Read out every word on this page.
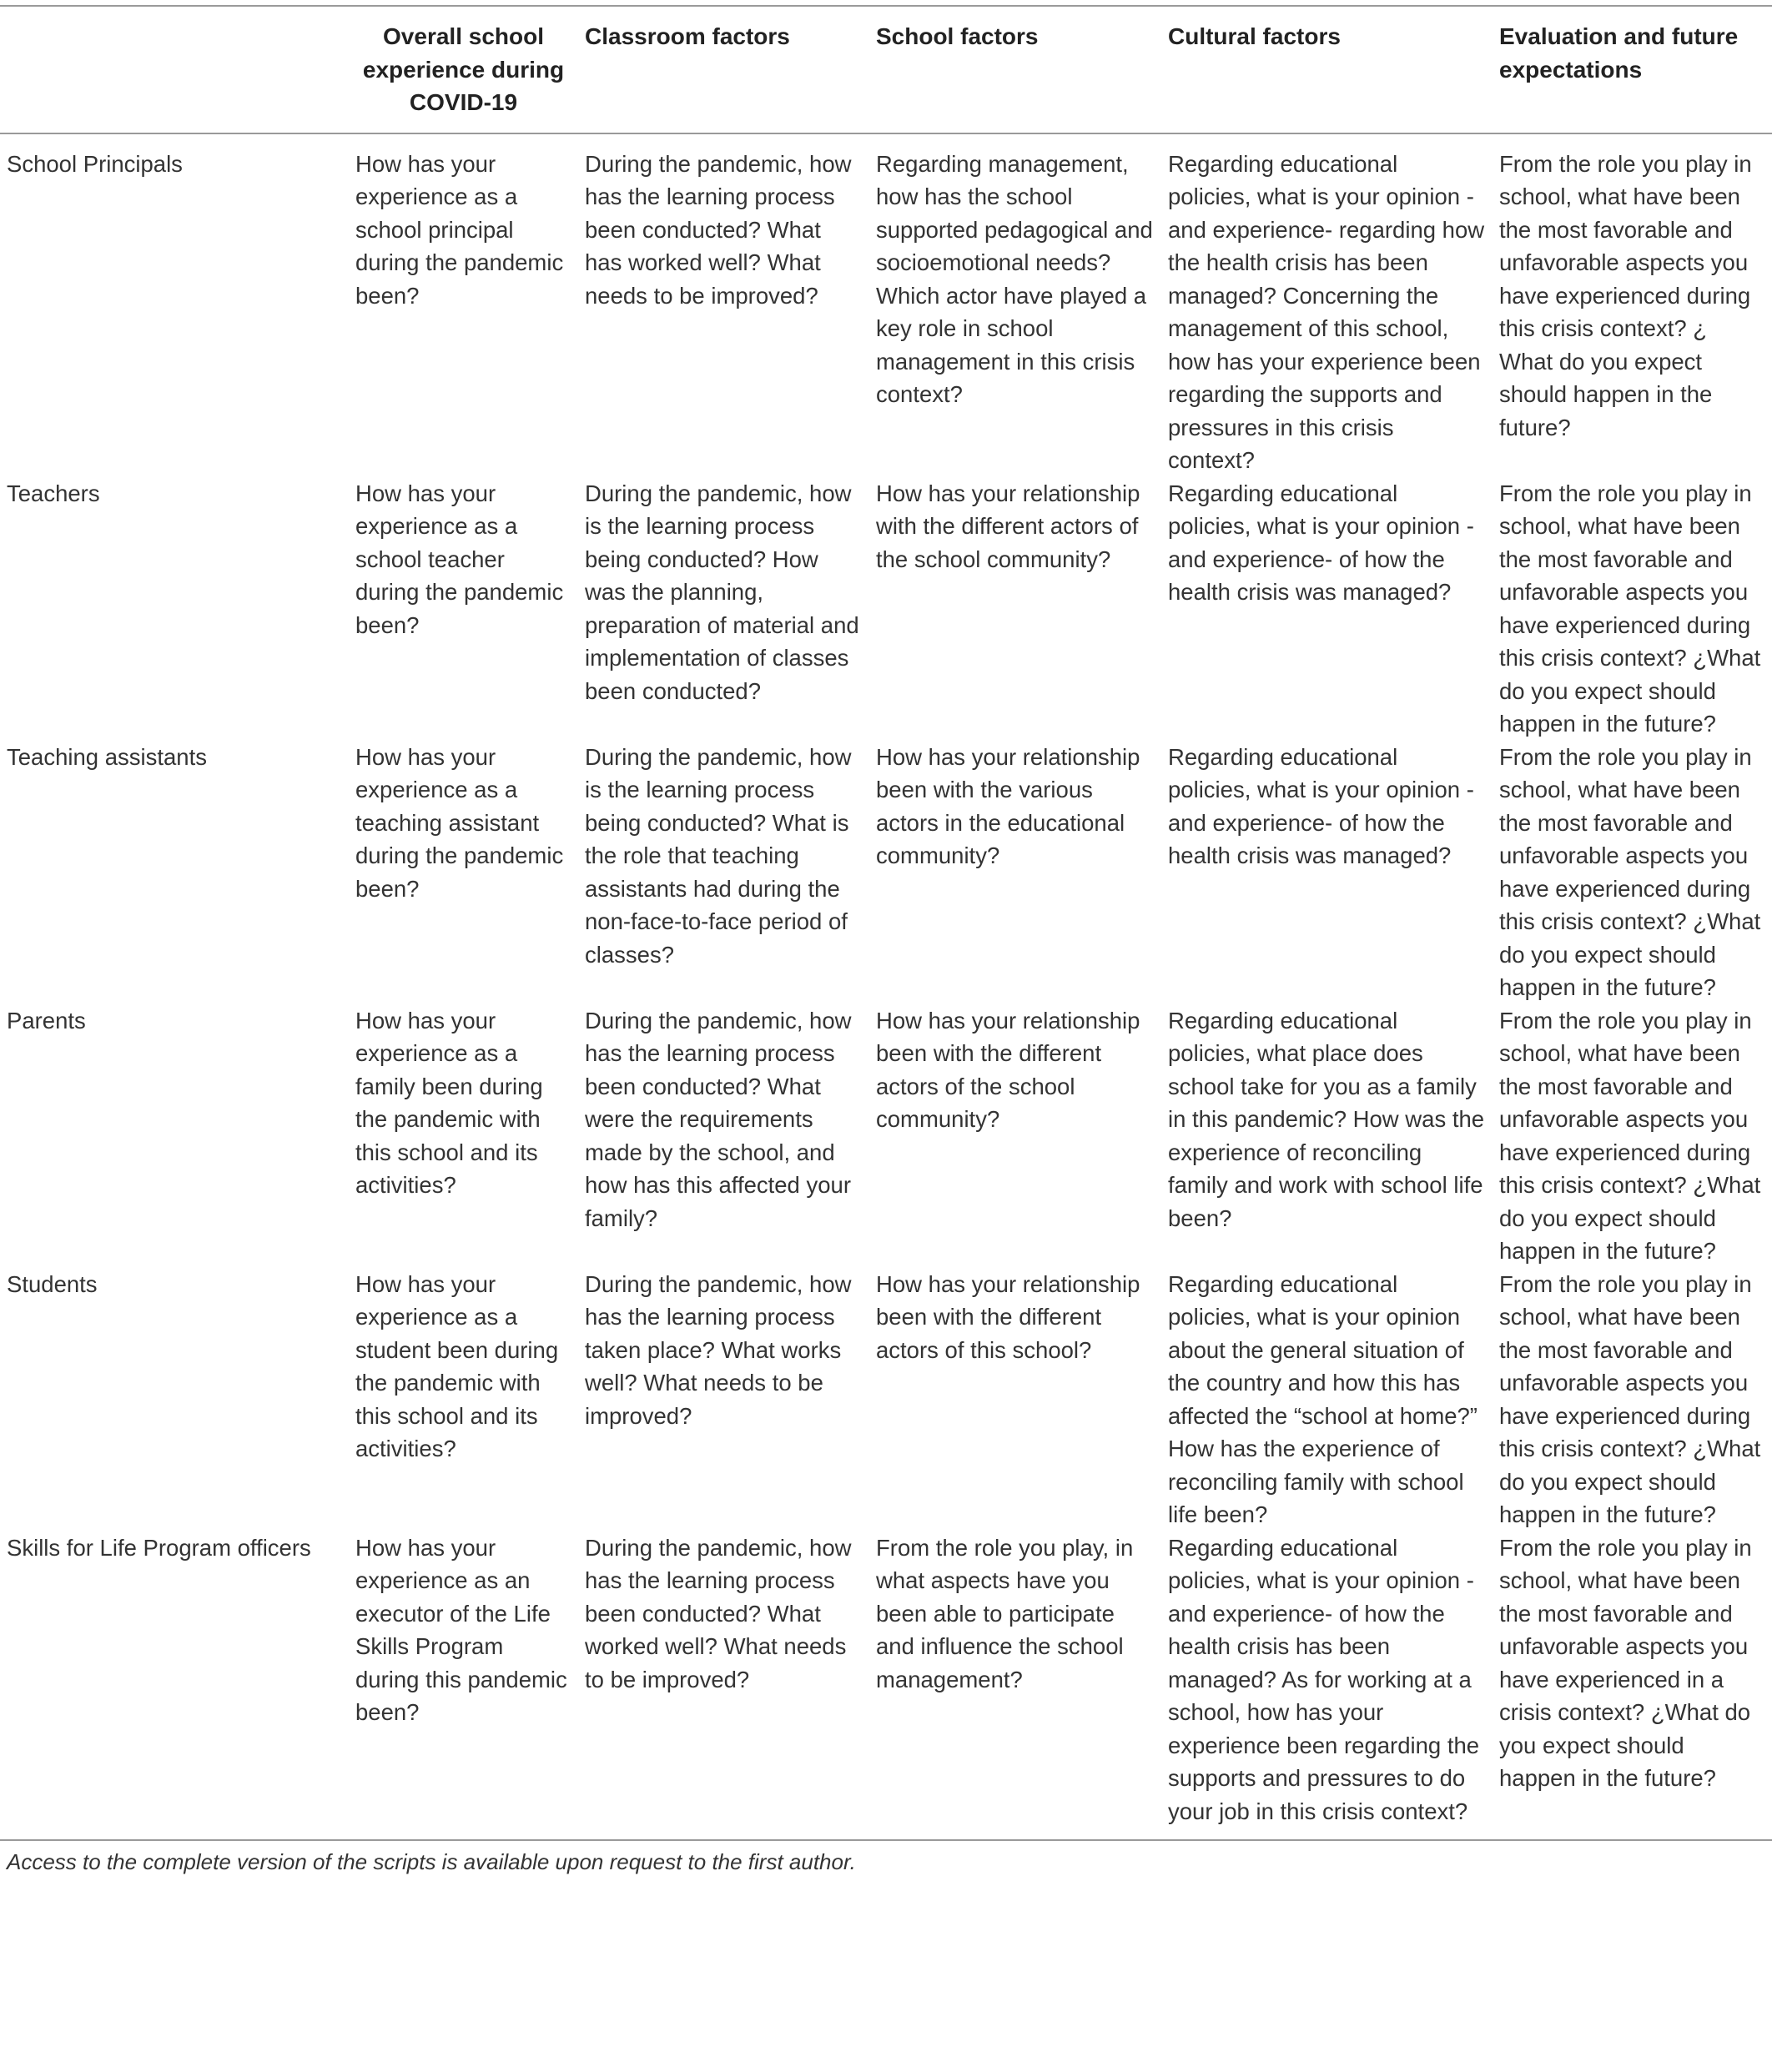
	Overall school experience during COVID-19	Classroom factors	School factors	Cultural factors	Evaluation and future expectations
School Principals	How has your experience as a school principal during the pandemic been?	During the pandemic, how has the learning process been conducted? What has worked well? What needs to be improved?	Regarding management, how has the school supported pedagogical and socioemotional needs? Which actor have played a key role in school management in this crisis context?	Regarding educational policies, what is your opinion -and experience- regarding how the health crisis has been managed? Concerning the management of this school, how has your experience been regarding the supports and pressures in this crisis context?	From the role you play in school, what have been the most favorable and unfavorable aspects you have experienced during this crisis context? ¿ What do you expect should happen in the future?
Teachers	How has your experience as a school teacher during the pandemic been?	During the pandemic, how is the learning process being conducted? How was the planning, preparation of material and implementation of classes been conducted?	How has your relationship with the different actors of the school community?	Regarding educational policies, what is your opinion -and experience- of how the health crisis was managed?	From the role you play in school, what have been the most favorable and unfavorable aspects you have experienced during this crisis context? ¿What do you expect should happen in the future?
Teaching assistants	How has your experience as a teaching assistant during the pandemic been?	During the pandemic, how is the learning process being conducted? What is the role that teaching assistants had during the non-face-to-face period of classes?	How has your relationship been with the various actors in the educational community?	Regarding educational policies, what is your opinion -and experience- of how the health crisis was managed?	From the role you play in school, what have been the most favorable and unfavorable aspects you have experienced during this crisis context? ¿What do you expect should happen in the future?
Parents	How has your experience as a family been during the pandemic with this school and its activities?	During the pandemic, how has the learning process been conducted? What were the requirements made by the school, and how has this affected your family?	How has your relationship been with the different actors of the school community?	Regarding educational policies, what place does school take for you as a family in this pandemic? How was the experience of reconciling family and work with school life been?	From the role you play in school, what have been the most favorable and unfavorable aspects you have experienced during this crisis context? ¿What do you expect should happen in the future?
Students	How has your experience as a student been during the pandemic with this school and its activities?	During the pandemic, how has the learning process taken place? What works well? What needs to be improved?	How has your relationship been with the different actors of this school?	Regarding educational policies, what is your opinion about the general situation of the country and how this has affected the “school at home?” How has the experience of reconciling family with school life been?	From the role you play in school, what have been the most favorable and unfavorable aspects you have experienced during this crisis context? ¿What do you expect should happen in the future?
Skills for Life Program officers	How has your experience as an executor of the Life Skills Program during this pandemic been?	During the pandemic, how has the learning process been conducted? What worked well? What needs to be improved?	From the role you play, in what aspects have you been able to participate and influence the school management?	Regarding educational policies, what is your opinion -and experience- of how the health crisis has been managed? As for working at a school, how has your experience been regarding the supports and pressures to do your job in this crisis context?	From the role you play in school, what have been the most favorable and unfavorable aspects you have experienced in a crisis context? ¿What do you expect should happen in the future?
Access to the complete version of the scripts is available upon request to the first author.
